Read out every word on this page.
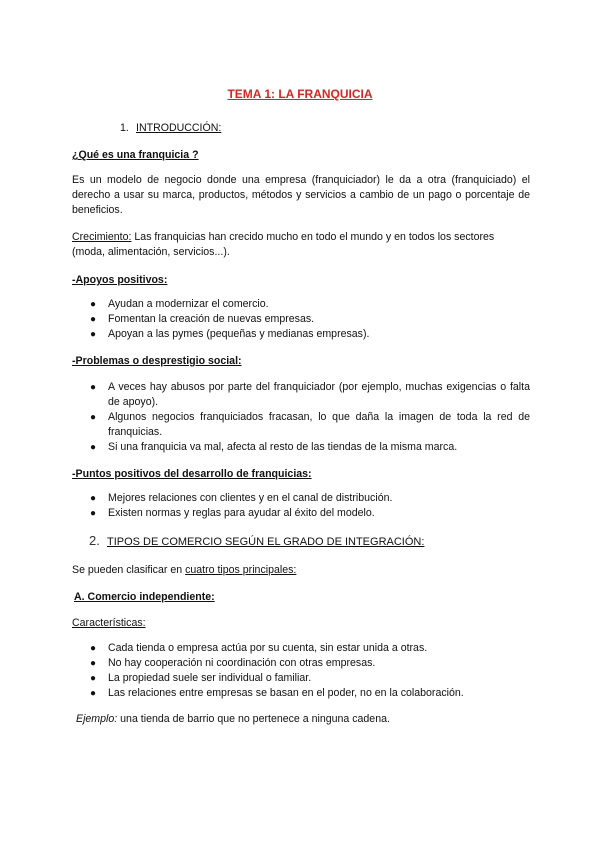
TEMA 1: LA FRANQUICIA
1. INTRODUCCIÓN:
¿Qué es una franquicia ?
Es un modelo de negocio donde una empresa (franquiciador) le da a otra (franquiciado) el derecho a usar su marca, productos, métodos y servicios a cambio de un pago o porcentaje de beneficios.
Crecimiento: Las franquicias han crecido mucho en todo el mundo y en todos los sectores (moda, alimentación, servicios...).
-Apoyos positivos:
● Ayudan a modernizar el comercio.
● Fomentan la creación de nuevas empresas.
● Apoyan a las pymes (pequeñas y medianas empresas).
-Problemas o desprestigio social:
● A veces hay abusos por parte del franquiciador (por ejemplo, muchas exigencias o falta de apoyo).
● Algunos negocios franquiciados fracasan, lo que daña la imagen de toda la red de franquicias.
● Si una franquicia va mal, afecta al resto de las tiendas de la misma marca.
-Puntos positivos del desarrollo de franquicias:
● Mejores relaciones con clientes y en el canal de distribución.
● Existen normas y reglas para ayudar al éxito del modelo.
2. TIPOS DE COMERCIO SEGÚN EL GRADO DE INTEGRACIÓN:
Se pueden clasificar en cuatro tipos principales:
A. Comercio independiente:
Características:
● Cada tienda o empresa actúa por su cuenta, sin estar unida a otras.
● No hay cooperación ni coordinación con otras empresas.
● La propiedad suele ser individual o familiar.
● Las relaciones entre empresas se basan en el poder, no en la colaboración.
Ejemplo: una tienda de barrio que no pertenece a ninguna cadena.
